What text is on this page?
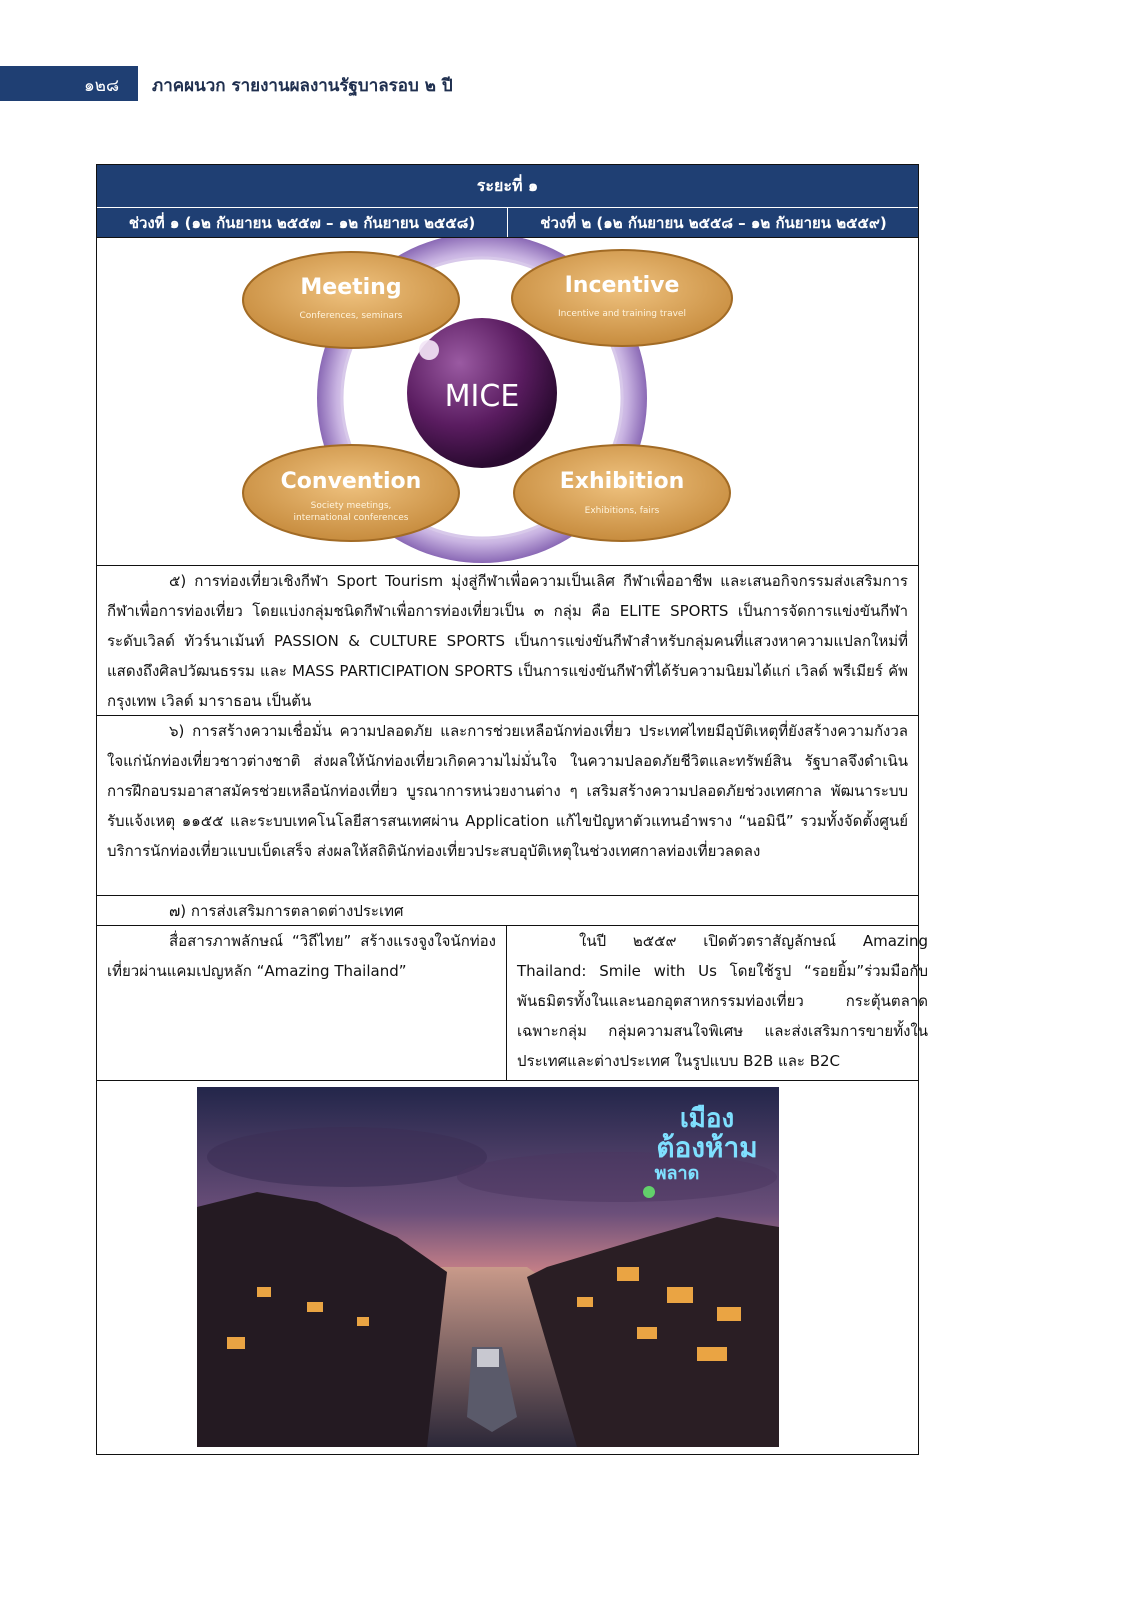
๑๒๘ ภาคผนวก รายงานผลงานรัฐบาลรอบ ๒ ปี
ระยะที่ ๑
ช่วงที่ ๑ (๑๒ กันยายน ๒๕๕๗ – ๑๒ กันยายน ๒๕๕๘)	ช่วงที่ ๒ (๑๒ กันยายน ๒๕๕๘ – ๑๒ กันยายน ๒๕๕๙)
MICE
Meeting
Conferences, seminars
Incentive
Incentive and training travel
Convention
Society meetings,
international conferences
Exhibition
Exhibitions, fairs
๕) การท่องเที่ยวเชิงกีฬา Sport Tourism มุ่งสู่กีฬาเพื่อความเป็นเลิศ กีฬาเพื่ออาชีพ และเสนอกิจกรรมส่งเสริมการกีฬาเพื่อการท่องเที่ยว โดยแบ่งกลุ่มชนิดกีฬาเพื่อการท่องเที่ยวเป็น ๓ กลุ่ม คือ ELITE SPORTS เป็นการจัดการแข่งขันกีฬาระดับเวิลด์ ทัวร์นาเม้นท์ PASSION & CULTURE SPORTS เป็นการแข่งขันกีฬาสำหรับกลุ่มคนที่แสวงหาความแปลกใหม่ที่แสดงถึงศิลปวัฒนธรรม และ MASS PARTICIPATION SPORTS เป็นการแข่งขันกีฬาที่ได้รับความนิยมได้แก่ เวิลด์ พรีเมียร์ คัพ กรุงเทพ เวิลด์ มาราธอน เป็นต้น
๖) การสร้างความเชื่อมั่น ความปลอดภัย และการช่วยเหลือนักท่องเที่ยว ประเทศไทยมีอุบัติเหตุที่ยังสร้างความกังวลใจแก่นักท่องเที่ยวชาวต่างชาติ ส่งผลให้นักท่องเที่ยวเกิดความไม่มั่นใจ ในความปลอดภัยชีวิตและทรัพย์สิน รัฐบาลจึงดำเนินการฝึกอบรมอาสาสมัครช่วยเหลือนักท่องเที่ยว บูรณาการหน่วยงานต่าง ๆ เสริมสร้างความปลอดภัยช่วงเทศกาล พัฒนาระบบรับแจ้งเหตุ ๑๑๕๕ และระบบเทคโนโลยีสารสนเทศผ่าน Application แก้ไขปัญหาตัวแทนอำพราง “นอมินี” รวมทั้งจัดตั้งศูนย์บริการนักท่องเที่ยวแบบเบ็ดเสร็จ ส่งผลให้สถิตินักท่องเที่ยวประสบอุบัติเหตุในช่วงเทศกาลท่องเที่ยวลดลง
๗) การส่งเสริมการตลาดต่างประเทศ
สื่อสารภาพลักษณ์ “วิถีไทย” สร้างแรงจูงใจนักท่องเที่ยวผ่านแคมเปญหลัก “Amazing Thailand”
ในปี ๒๕๕๙ เปิดตัวตราสัญลักษณ์ Amazing Thailand: Smile with Us โดยใช้รูป “รอยยิ้ม”ร่วมมือกับพันธมิตรทั้งในและนอกอุตสาหกรรมท่องเที่ยว กระตุ้นตลาดเฉพาะกลุ่ม กลุ่มความสนใจพิเศษ และส่งเสริมการขายทั้งในประเทศและต่างประเทศ ในรูปแบบ B2B และ B2C
เมือง
ต้องห้าม
พลาด
